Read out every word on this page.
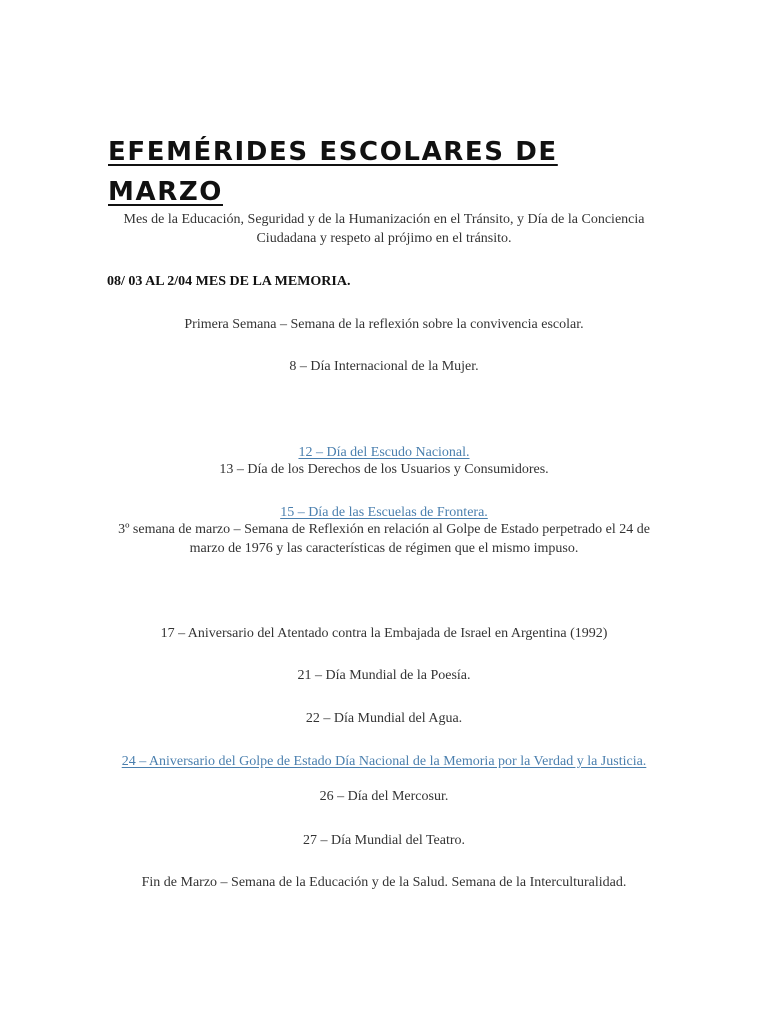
EFEMÉRIDES ESCOLARES DE MARZO

Mes de la Educación, Seguridad y de la Humanización en el Tránsito, y Día de la Conciencia Ciudadana y respeto al prójimo en el tránsito.

08/ 03 AL 2/04 MES DE LA MEMORIA.

Primera Semana – Semana de la reflexión sobre la convivencia escolar.

8 – Día Internacional de la Mujer.

12 – Día del Escudo Nacional.

13 – Día de los Derechos de los Usuarios y Consumidores.

15 – Día de las Escuelas de Frontera.

3º semana de marzo – Semana de Reflexión en relación al Golpe de Estado perpetrado el 24 de marzo de 1976 y las características de régimen que el mismo impuso.

17 – Aniversario del Atentado contra la Embajada de Israel en Argentina (1992)

21 – Día Mundial de la Poesía.

22 – Día Mundial del Agua.

24 – Aniversario del Golpe de Estado Día Nacional de la Memoria por la Verdad y la Justicia.

26 – Día del Mercosur.

27 – Día Mundial del Teatro.

Fin de Marzo – Semana de la Educación y de la Salud. Semana de la Interculturalidad.
